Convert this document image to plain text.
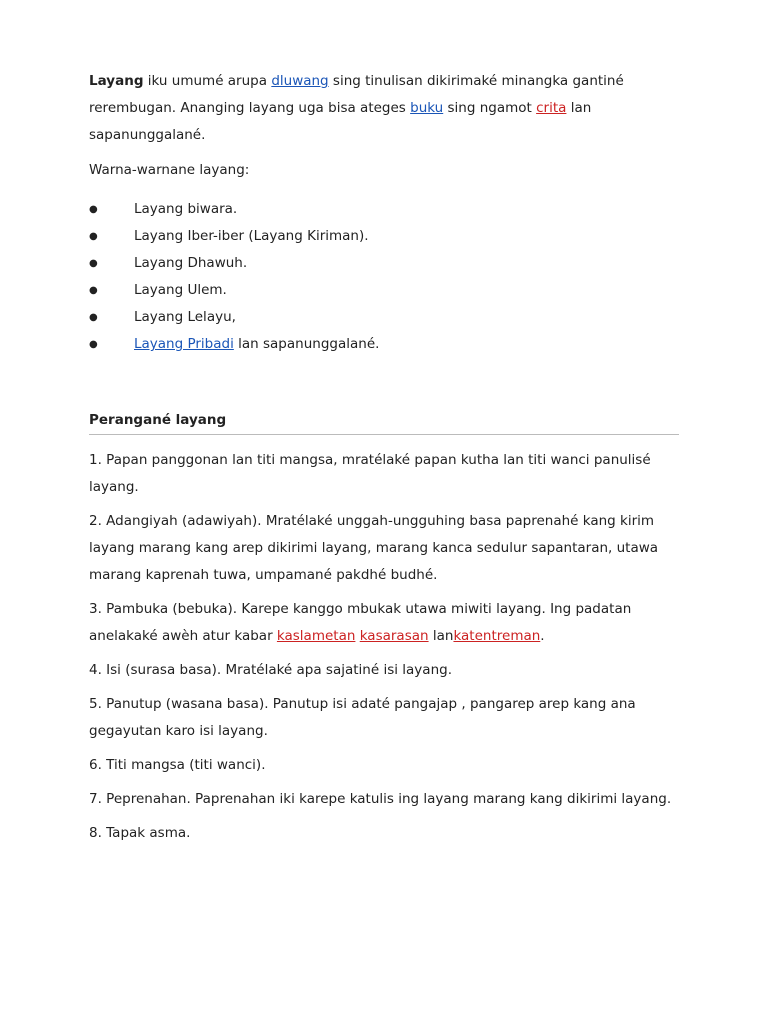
Layang iku umumé arupa dluwang sing tinulisan dikirimaké minangka gantiné rerembugan. Ananging layang uga bisa ateges buku sing ngamot crita lan sapanunggalané.

Warna-warnane layang:

●	Layang biwara.
●	Layang Iber-iber (Layang Kiriman).
●	Layang Dhawuh.
●	Layang Ulem.
●	Layang Lelayu,
●	Layang Pribadi lan sapanunggalané.
Perangané layang
1. Papan panggonan lan titi mangsa, mratélaké papan kutha lan titi wanci panulisé layang.
2. Adangiyah (adawiyah). Mratélaké unggah-ungguhing basa paprenahé kang kirim layang marang kang arep dikirimi layang, marang kanca sedulur sapantaran, utawa marang kaprenah tuwa, umpamané pakdhé budhé.
3. Pambuka (bebuka). Karepe kanggo mbukak utawa miwiti layang. Ing padatan anelakaké awèh atur kabar kaslametan kasarasan lankatentreman.
4. Isi (surasa basa). Mratélaké apa sajatiné isi layang.
5. Panutup (wasana basa). Panutup isi adaté pangajap , pangarep arep kang ana gegayutan karo isi layang.
6. Titi mangsa (titi wanci).
7. Peprenahan. Paprenahan iki karepe katulis ing layang marang kang dikirimi layang.
8. Tapak asma.
